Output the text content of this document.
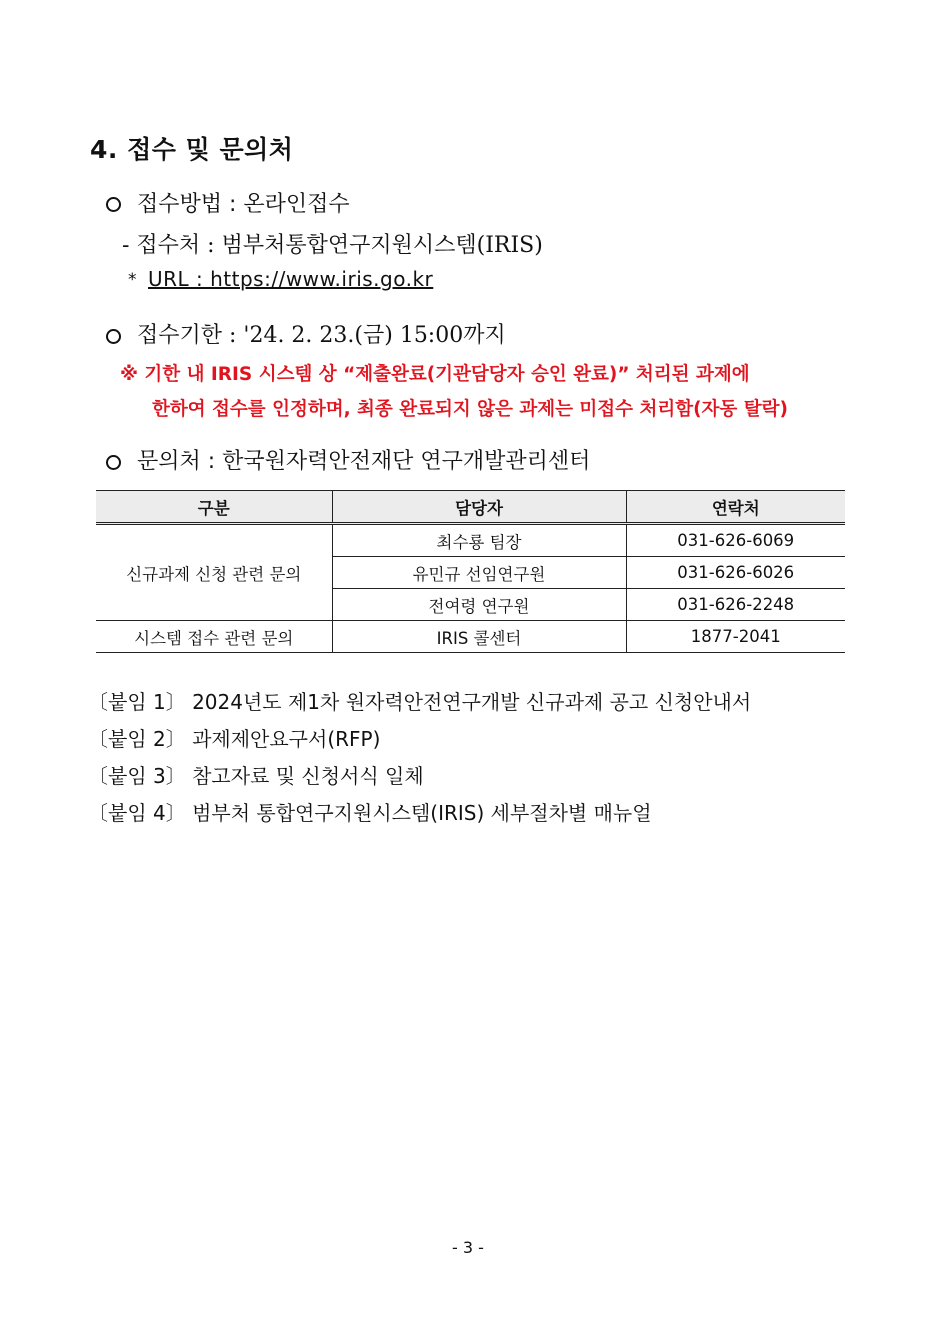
4. 접수 및 문의처
접수방법 : 온라인접수
- 접수처 : 범부처통합연구지원시스템(IRIS)
* URL : https://www.iris.go.kr
접수기한 : '24. 2. 23.(금) 15:00까지
※ 기한 내 IRIS 시스템 상 “제출완료(기관담당자 승인 완료)” 처리된 과제에
한하여 접수를 인정하며, 최종 완료되지 않은 과제는 미접수 처리함(자동 탈락)
문의처 : 한국원자력안전재단 연구개발관리센터
구분	담당자	연락처
신규과제 신청 관련 문의	최수룡 팀장	031-626-6069
	유민규 선임연구원	031-626-6026
	전여령 연구원	031-626-2248
시스템 접수 관련 문의	IRIS 콜센터	1877-2041
〔붙임 1〕 2024년도 제1차 원자력안전연구개발 신규과제 공고 신청안내서
〔붙임 2〕 과제제안요구서(RFP)
〔붙임 3〕 참고자료 및 신청서식 일체
〔붙임 4〕 범부처 통합연구지원시스템(IRIS) 세부절차별 매뉴얼
- 3 -
